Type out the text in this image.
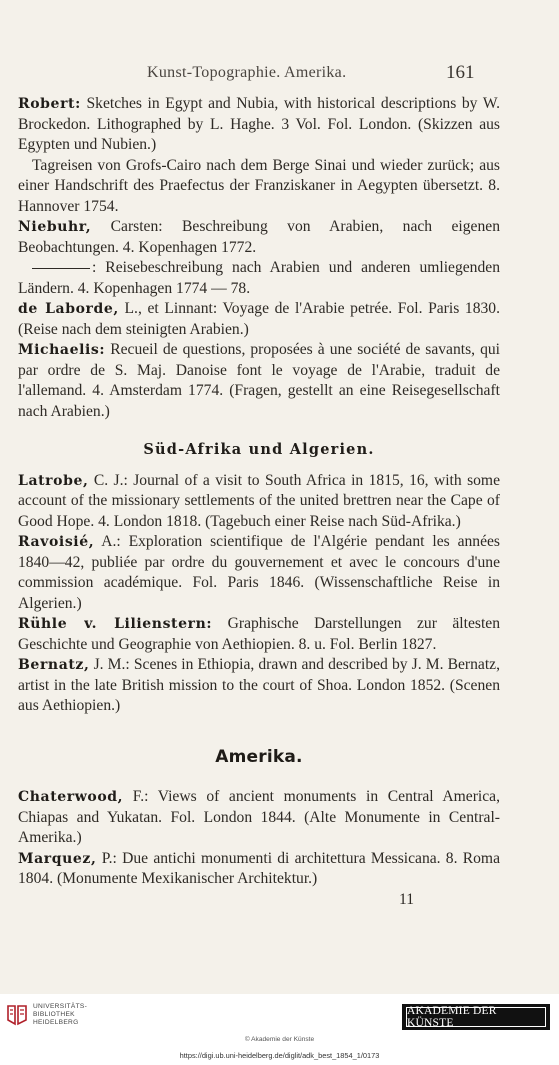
Kunst-Topographie. Amerika.	161

Robert: Sketches in Egypt and Nubia, with historical descriptions by W. Brockedon. Lithographed by L. Haghe. 3 Vol. Fol. London. (Skizzen aus Egypten und Nubien.)

Tagreisen von Grofs-Cairo nach dem Berge Sinai und wieder zurück; aus einer Handschrift des Praefectus der Franziskaner in Aegypten übersetzt. 8. Hannover 1754.

Niebuhr, Carsten: Beschreibung von Arabien, nach eigenen Beobachtungen. 4. Kopenhagen 1772.

: Reisebeschreibung nach Arabien und anderen umliegenden Ländern. 4. Kopenhagen 1774 — 78.

de Laborde, L., et Linnant: Voyage de l'Arabie petrée. Fol. Paris 1830. (Reise nach dem steinigten Arabien.)

Michaelis: Recueil de questions, proposées à une société de savants, qui par ordre de S. Maj. Danoise font le voyage de l'Arabie, traduit de l'allemand. 4. Amsterdam 1774. (Fragen, gestellt an eine Reisegesellschaft nach Arabien.)

Süd-Afrika und Algerien.

Latrobe, C. J.: Journal of a visit to South Africa in 1815, 16, with some account of the missionary settlements of the united brettren near the Cape of Good Hope. 4. London 1818. (Tagebuch einer Reise nach Süd-Afrika.)

Ravoisié, A.: Exploration scientifique de l'Algérie pendant les années 1840—42, publiée par ordre du gouvernement et avec le concours d'une commission académique. Fol. Paris 1846. (Wissenschaftliche Reise in Algerien.)

Rühle v. Lilienstern: Graphische Darstellungen zur ältesten Geschichte und Geographie von Aethiopien. 8. u. Fol. Berlin 1827.

Bernatz, J. M.: Scenes in Ethiopia, drawn and described by J. M. Bernatz, artist in the late British mission to the court of Shoa. London 1852. (Scenen aus Aethiopien.)

Amerika.

Chaterwood, F.: Views of ancient monuments in Central America, Chiapas and Yukatan. Fol. London 1844. (Alte Monumente in Central-Amerika.)

Marquez, P.: Due antichi monumenti di architettura Messicana. 8. Roma 1804. (Monumente Mexikanischer Architektur.)

11

UNIVERSITÄTS-
BIBLIOTHEK
HEIDELBERG
AKADEMIE DER KÜNSTE
© Akademie der Künste
https://digi.ub.uni-heidelberg.de/diglit/adk_best_1854_1/0173
